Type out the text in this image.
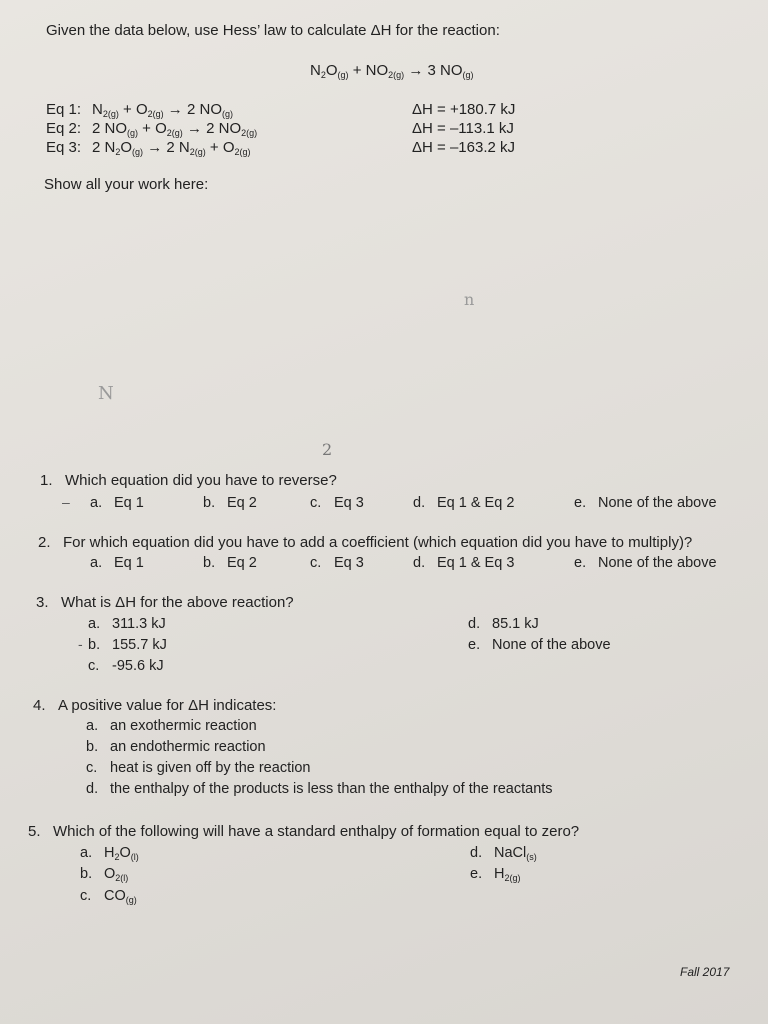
Given the data below, use Hess’ law to calculate ΔH for the reaction:
$N_2O_{(g)} + NO_{2(g)} \to 3$ $NO_{(g)}$
Eq 1: $N_{2(g)} + O_{2(g)} \to 2$ $NO_{(g)}$	ΔH = +180.7 kJ
Eq 2: 2 $NO_{(g)} + O_{2(g)} \to 2$ $NO_{2(g)}$	ΔH = –113.1 kJ
Eq 3: 2 $N_2O_{(g)} \to 2$ $N_{2(g)} + O_{2(g)}$	ΔH = –163.2 kJ
Show all your work here:
N
n
2
1. Which equation did you have to reverse?
– a. Eq 1	b. Eq 2	c. Eq 3	d. Eq 1 & Eq 2	e. None of the above
2. For which equation did you have to add a coefficient (which equation did you have to multiply)?
a. Eq 1	b. Eq 2	c. Eq 3	d. Eq 1 & Eq 3	e. None of the above
3. What is ΔH for the above reaction?
a. 311.3 kJ
- b. 155.7 kJ
c. -95.6 kJ
d. 85.1 kJ
e. None of the above
4. A positive value for ΔH indicates:
a. an exothermic reaction
b. an endothermic reaction
c. heat is given off by the reaction
d. the enthalpy of the products is less than the enthalpy of the reactants
5. Which of the following will have a standard enthalpy of formation equal to zero?
a. $H_2O_{(l)}$
b. $O_{2(l)}$
c. $CO_{(g)}$
d. NaCl$_{(s)}$
e. $H_{2(g)}$
Fall 2017
